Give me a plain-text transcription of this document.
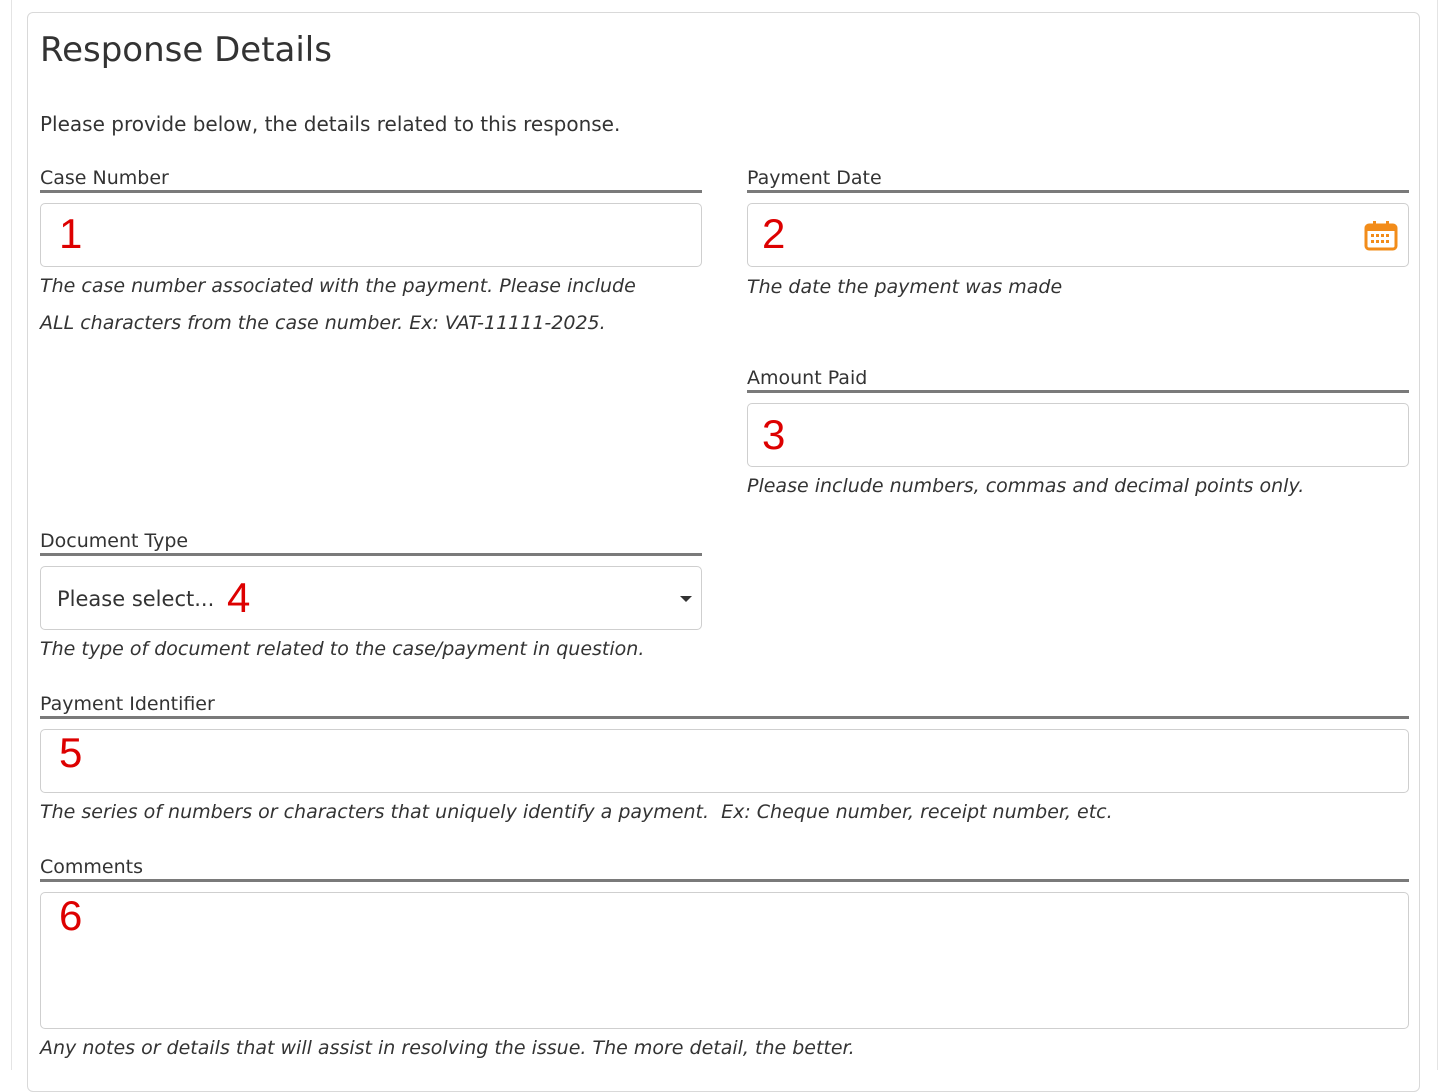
Response Details
Please provide below, the details related to this response.
Case Number
1
The case number associated with the payment. Please include ALL characters from the case number. Ex: VAT-11111-2025.
Payment Date
2
The date the payment was made
Amount Paid
3
Please include numbers, commas and decimal points only.
Document Type
Please select... 4
The type of document related to the case/payment in question.
Payment Identifier
5
The series of numbers or characters that uniquely identify a payment.  Ex: Cheque number, receipt number, etc.
Comments
6
Any notes or details that will assist in resolving the issue. The more detail, the better.
